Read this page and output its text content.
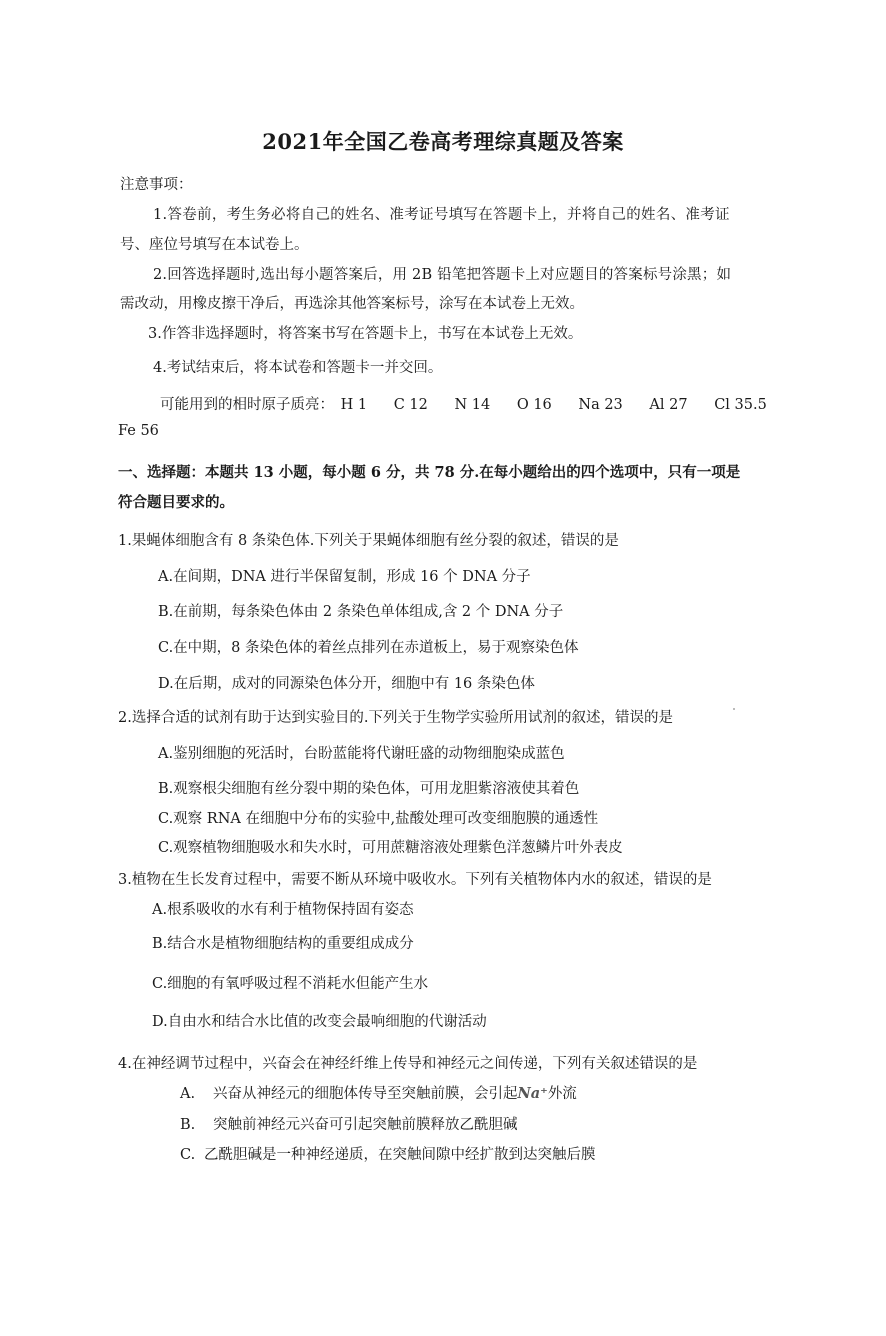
2021年全国乙卷高考理综真题及答案
注意事项：
1.答卷前，考生务必将自己的姓名、准考证号填写在答题卡上，并将自己的姓名、准考证
号、座位号填写在本试卷上。
2.回答选择题时,选出每小题答案后，用 2B 铅笔把答题卡上对应题目的答案标号涂黑；如
需改动，用橡皮擦干净后，再选涂其他答案标号，涂写在本试卷上无效。
3.作答非选择题时，将答案书写在答题卡上，书写在本试卷上无效。
4.考试结束后，将本试卷和答题卡一并交回。
可能用到的相时原子质亮： H 1 C 12 N 14 O 16 Na 23 Al 27 Cl 35.5
Fe 56
一、选择题：本题共 13 小题，每小题 6 分，共 78 分.在每小题给出的四个选项中，只有一项是
符合题目要求的。
1.果蝇体细胞含有 8 条染色体.下列关于果蝇体细胞有丝分裂的叙述，错误的是
A.在间期，DNA 进行半保留复制，形成 16 个 DNA 分子
B.在前期，每条染色体由 2 条染色单体组成,含 2 个 DNA 分子
C.在中期，8 条染色体的着丝点排列在赤道板上，易于观察染色体
D.在后期，成对的同源染色体分开，细胞中有 16 条染色体
2.选择合适的试剂有助于达到实验目的.下列关于生物学实验所用试剂的叙述，错误的是
A.鉴别细胞的死活时，台盼蓝能将代谢旺盛的动物细胞染成蓝色
B.观察根尖细胞有丝分裂中期的染色体，可用龙胆紫溶液使其着色
C.观察 RNA 在细胞中分布的实验中,盐酸处理可改变细胞膜的通透性
C.观察植物细胞吸水和失水时，可用蔗糖溶液处理紫色洋葱鳞片叶外表皮
3.植物在生长发育过程中，需要不断从环境中吸收水。下列有关植物体内水的叙述，错误的是
A.根系吸收的水有利于植物保持固有姿态
B.结合水是植物细胞结构的重要组成成分
C.细胞的有氧呼吸过程不消耗水但能产生水
D.自由水和结合水比值的改变会最响细胞的代谢活动
4.在神经调节过程中，兴奋会在神经纤维上传导和神经元之间传递，下列有关叙述错误的是
A. 兴奋从神经元的细胞体传导至突触前膜，会引起Na⁺外流
B. 突触前神经元兴奋可引起突触前膜释放乙酰胆碱
C. 乙酰胆碱是一种神经递质，在突触间隙中经扩散到达突触后膜
